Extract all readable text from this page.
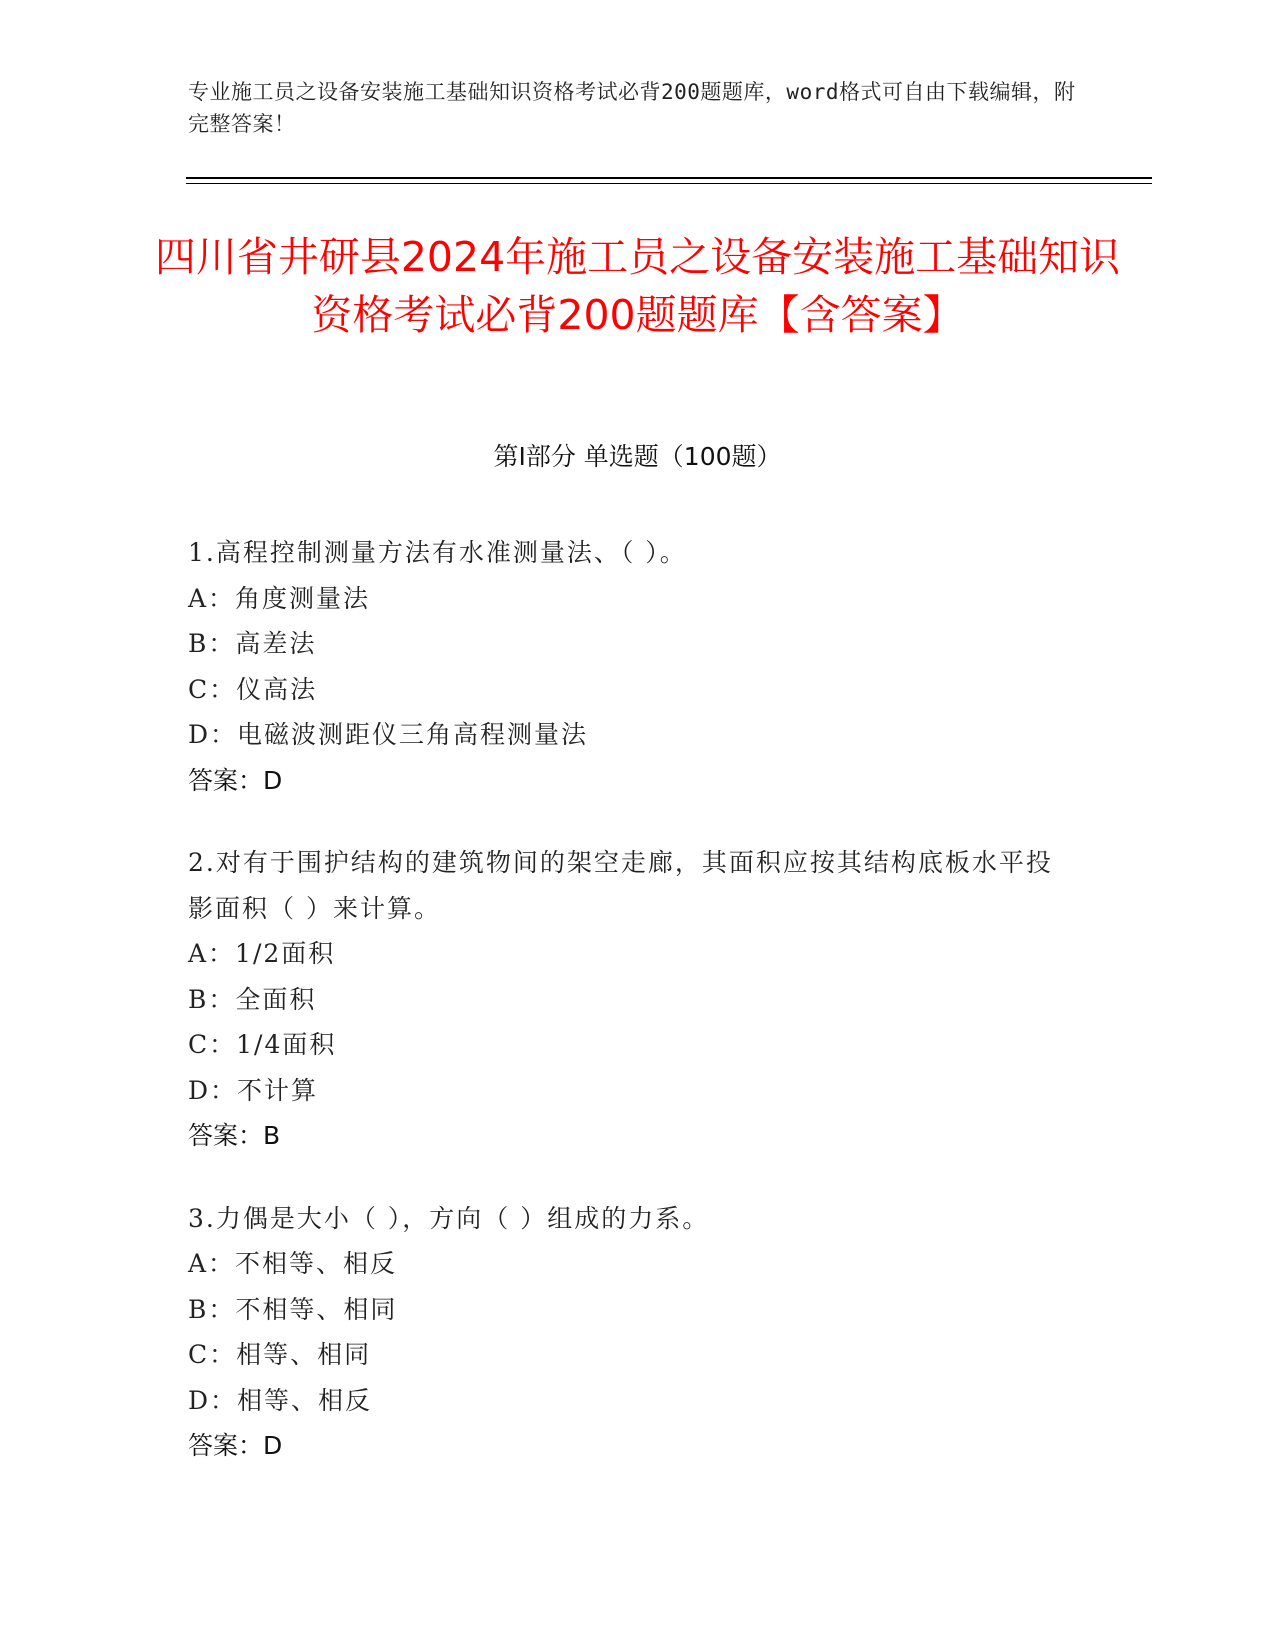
专业施工员之设备安装施工基础知识资格考试必背200题题库，word格式可自由下载编辑，附完整答案！
四川省井研县2024年施工员之设备安装施工基础知识资格考试必背200题题库【含答案】
第Ⅰ部分 单选题（100题）
1.高程控制测量方法有水准测量法、（ ）。
A：角度测量法
B：高差法
C：仪高法
D：电磁波测距仪三角高程测量法
答案：D
2.对有于围护结构的建筑物间的架空走廊，其面积应按其结构底板水平投影面积（ ）来计算。
A：1/2面积
B：全面积
C：1/4面积
D：不计算
答案：B
3.力偶是大小（ ），方向（ ）组成的力系。
A：不相等、相反
B：不相等、相同
C：相等、相同
D：相等、相反
答案：D
